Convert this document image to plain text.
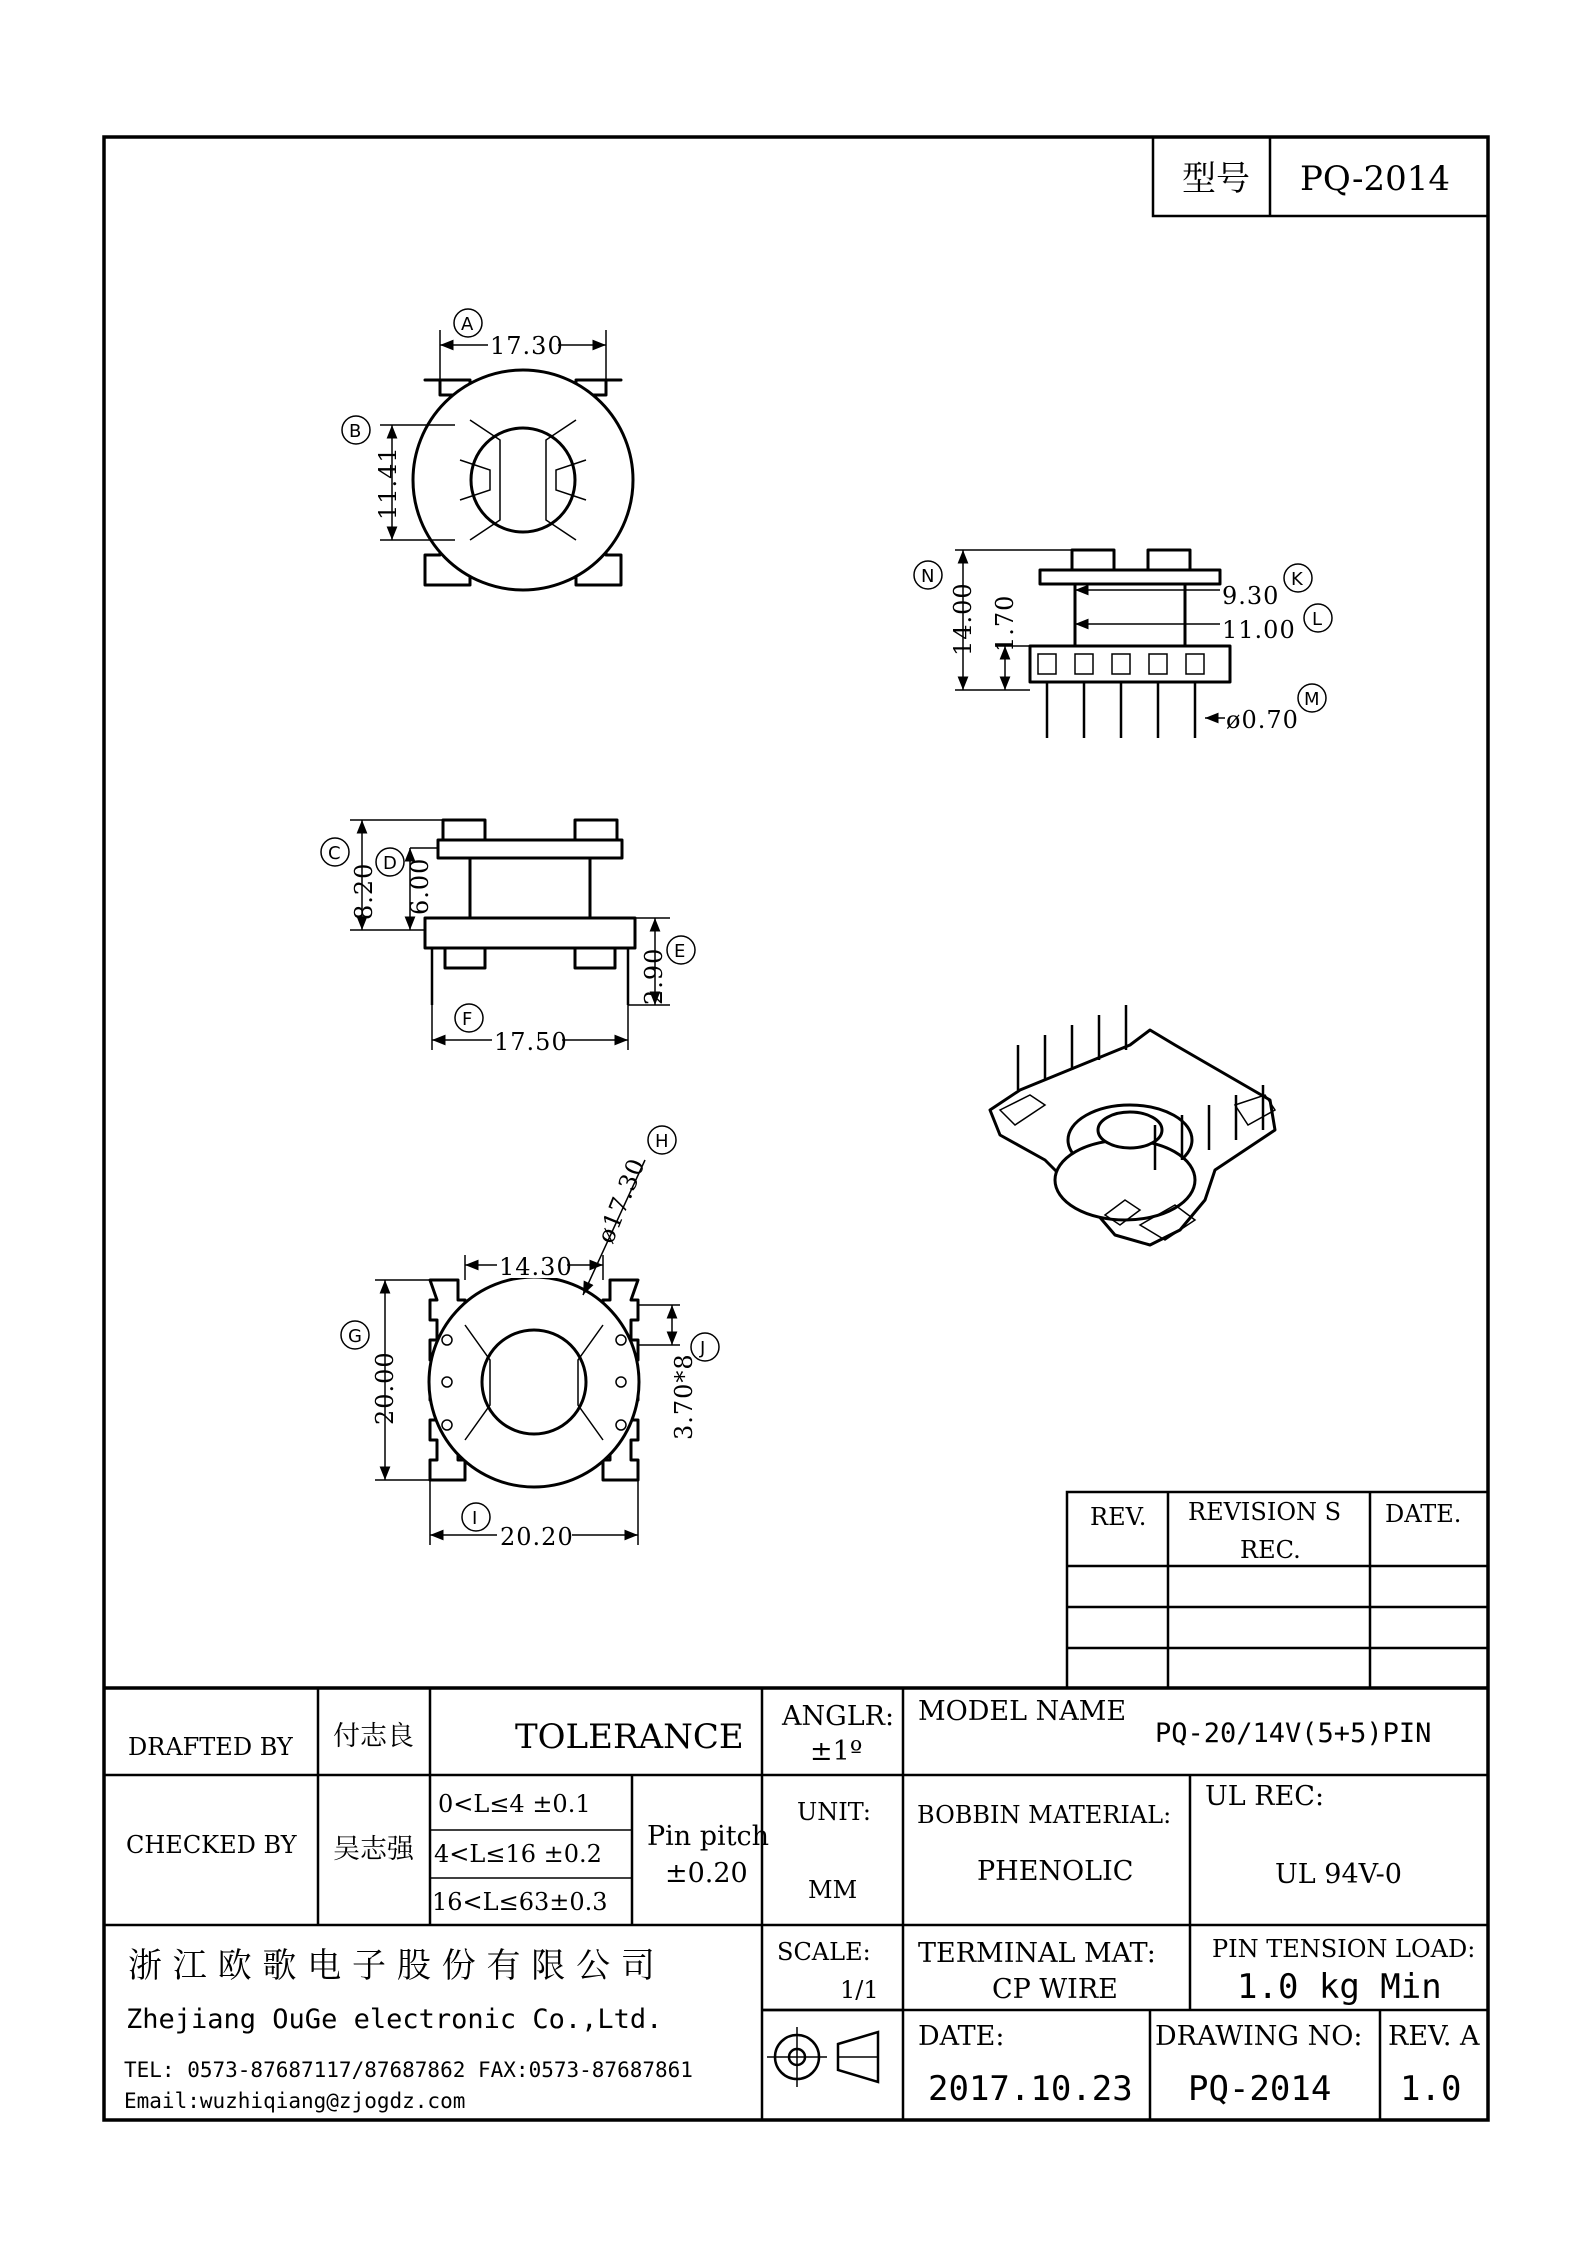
型号 PQ-2014
17.30
A
11.41
B
8.20
C
6.00
D
2.90 E
17.50
F
14.30
ø17.30
H
20.00
G
20.20
I
3.70*8
J
14.00
N
1.70	9.30
K
11.00 L
ø0.70
M
REV. REVISION S
REC.
DATE.
DRAFTED BY 付志良	TOLERANCE
ANGLR:
±1º
MODEL NAME
PQ-20/14V(5+5)PIN
CHECKED BY 吴志强
0<L≤4 ±0.1
4<L≤16 ±0.2
16<L≤63±0.3
Pin pitch
±0.20
UNIT:
MM
BOBBIN MATERIAL:
PHENOLIC
UL REC:
UL 94V-0
浙 江 欧 歌 电 子 股 份 有 限 公 司
Zhejiang OuGe electronic Co.,Ltd.
TEL: 0573-87687117/87687862 FAX:0573-87687861
Email:wuzhiqiang@zjogdz.com
SCALE:
1/1
TERMINAL MAT:
CP WIRE
PIN TENSION LOAD:
1.0 kg Min
DATE:
2017.10.23
DRAWING NO:
PQ-2014
REV. A
1.0
